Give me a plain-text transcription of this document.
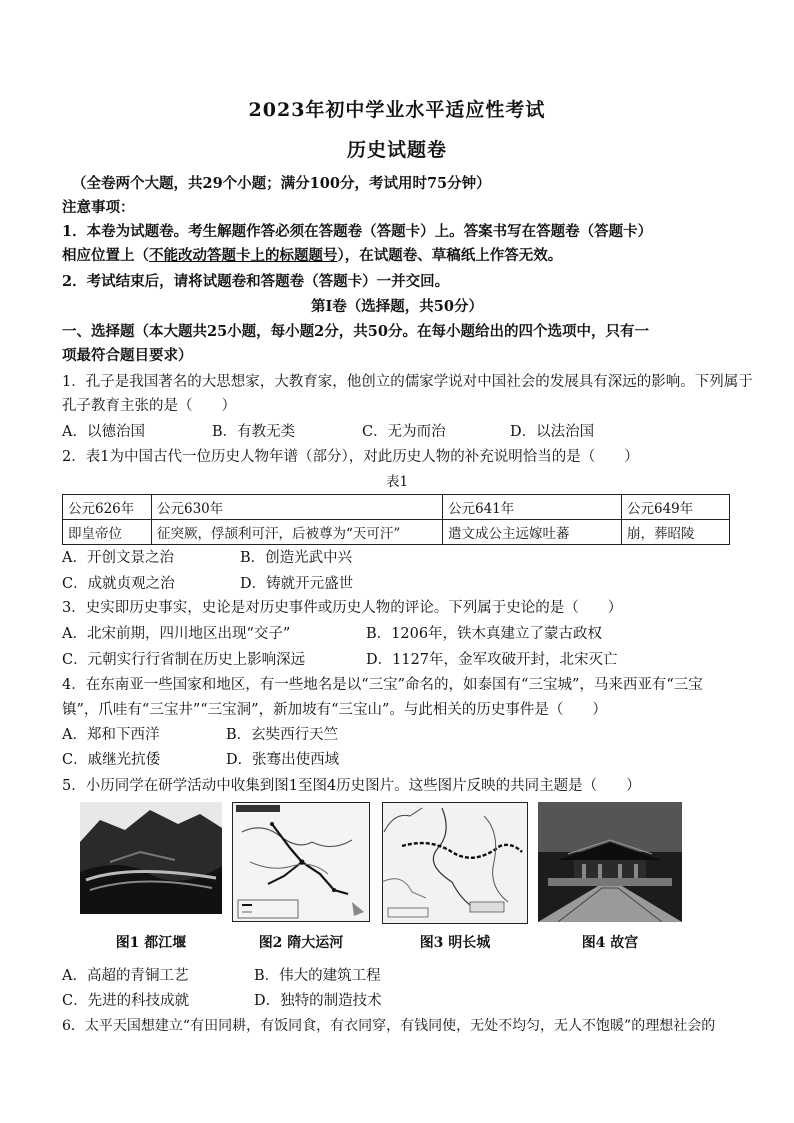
2023年初中学业水平适应性考试
历史试题卷
（全卷两个大题，共29个小题；满分100分，考试用时75分钟）
注意事项：
1．本卷为试题卷。考生解题作答必须在答题卷（答题卡）上。答案书写在答题卷（答题卡）
相应位置上（不能改动答题卡上的标题题号），在试题卷、草稿纸上作答无效。
2．考试结束后，请将试题卷和答题卷（答题卡）一并交回。
第Ⅰ卷（选择题，共50分）
一、选择题（本大题共25小题，每小题2分，共50分。在每小题给出的四个选项中，只有一
项最符合题目要求）
1．孔子是我国著名的大思想家，大教育家，他创立的儒家学说对中国社会的发展具有深远的影响。下列属于
孔子教育主张的是（　　）
A．以德治国	B．有教无类	C．无为而治	D．以法治国
2．表1为中国古代一位历史人物年谱（部分），对此历史人物的补充说明恰当的是（　　）
表1
公元626年	公元630年	公元641年	公元649年
即皇帝位	征突厥，俘颉利可汗，后被尊为“天可汗”	遣文成公主远嫁吐蕃	崩，葬昭陵
A．开创文景之治	B．创造光武中兴
C．成就贞观之治	D．铸就开元盛世
3．史实即历史事实，史论是对历史事件或历史人物的评论。下列属于史论的是（　　）
A．北宋前期，四川地区出现“交子”	B．1206年，铁木真建立了蒙古政权
C．元朝实行行省制在历史上影响深远	D．1127年，金军攻破开封，北宋灭亡
4．在东南亚一些国家和地区，有一些地名是以“三宝”命名的，如泰国有“三宝城”，马来西亚有“三宝
镇”，爪哇有“三宝井”“三宝洞”，新加坡有“三宝山”。与此相关的历史事件是（　　）
A．郑和下西洋	B．玄奘西行天竺
C．戚继光抗倭	D．张骞出使西域
5．小历同学在研学活动中收集到图1至图4历史图片。这些图片反映的共同主题是（　　）
图1 都江堰	图2 隋大运河	图3 明长城	图4 故宫
A．高超的青铜工艺	B．伟大的建筑工程
C．先进的科技成就	D．独特的制造技术
6．太平天国想建立“有田同耕，有饭同食，有衣同穿，有钱同使，无处不均匀，无人不饱暖”的理想社会的
